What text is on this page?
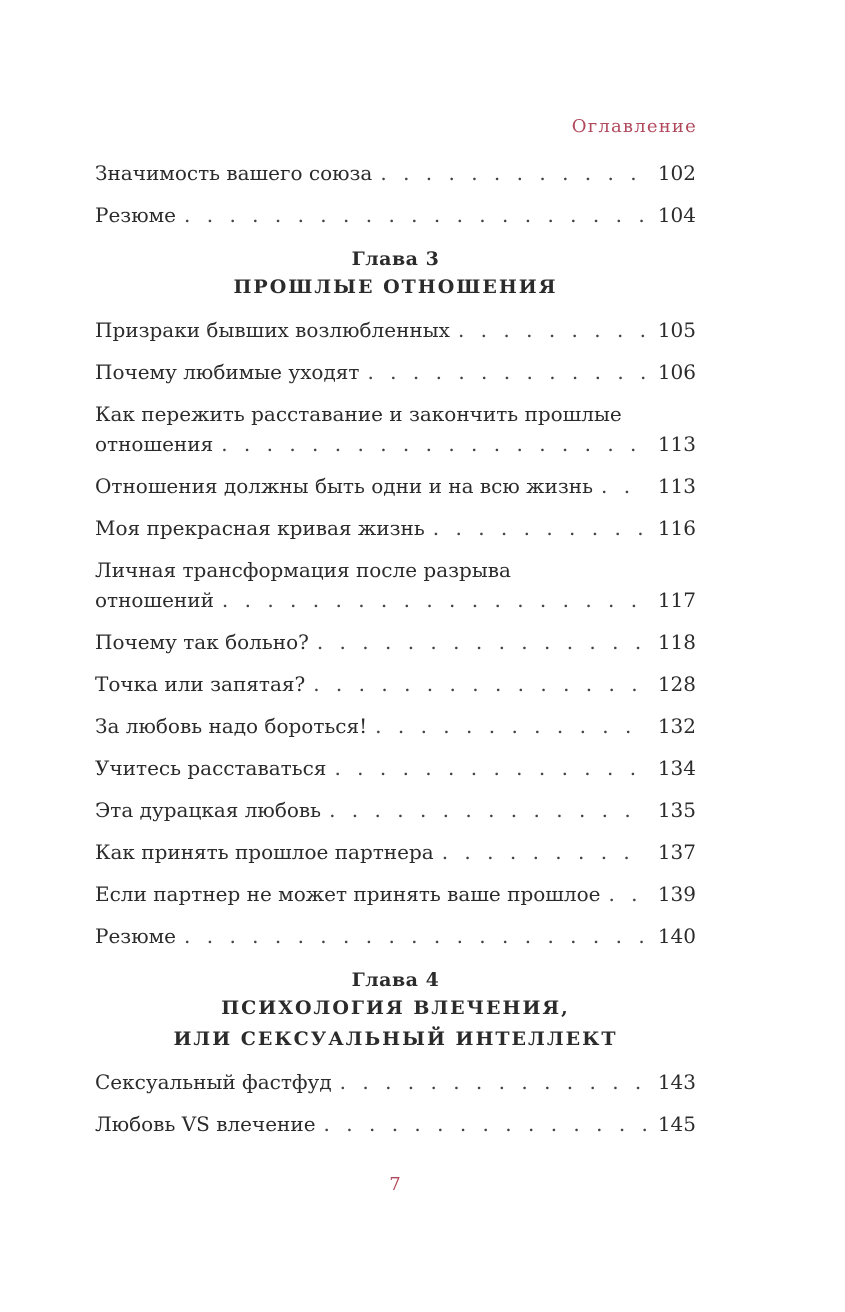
Оглавление
Значимость вашего союза . . .	102
Резюме . . .	104
Глава 3
ПРОШЛЫЕ ОТНОШЕНИЯ
Призраки бывших возлюбленных . . .	105
Почему любимые уходят . . .	106
Как пережить расставание и закончить прошлые
отношения . . .	113
Отношения должны быть одни и на всю жизнь . . .	113
Моя прекрасная кривая жизнь . . .	116
Личная трансформация после разрыва
отношений . . .	117
Почему так больно? . . .	118
Точка или запятая? . . .	128
За любовь надо бороться! . . .	132
Учитесь расставаться . . .	134
Эта дурацкая любовь . . .	135
Как принять прошлое партнера . . .	137
Если партнер не может принять ваше прошлое . . .	139
Резюме . . .	140
Глава 4
ПСИХОЛОГИЯ ВЛЕЧЕНИЯ,
ИЛИ СЕКСУАЛЬНЫЙ ИНТЕЛЛЕКТ
Сексуальный фастфуд . . .	143
Любовь VS влечение . . .	145
7
